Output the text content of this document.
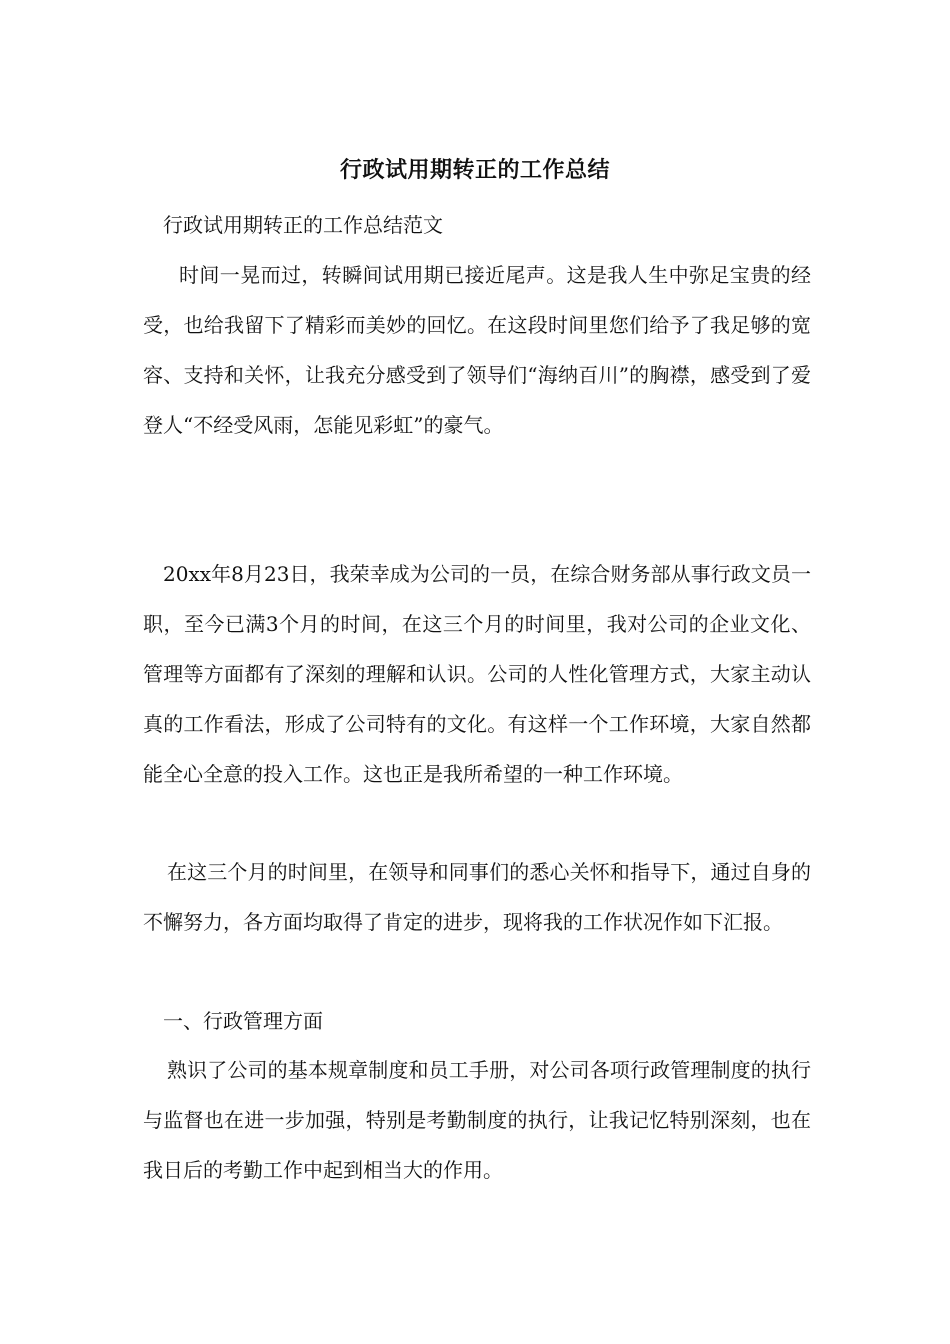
行政试用期转正的工作总结
行政试用期转正的工作总结范文

时间一晃而过，转瞬间试用期已接近尾声。这是我人生中弥足宝贵的经受，也给我留下了精彩而美妙的回忆。在这段时间里您们给予了我足够的宽容、支持和关怀，让我充分感受到了领导们“海纳百川”的胸襟，感受到了爱登人“不经受风雨，怎能见彩虹”的豪气。

20xx年8月23日，我荣幸成为公司的一员，在综合财务部从事行政文员一职，至今已满3个月的时间，在这三个月的时间里，我对公司的企业文化、管理等方面都有了深刻的理解和认识。公司的人性化管理方式，大家主动认真的工作看法，形成了公司特有的文化。有这样一个工作环境，大家自然都能全心全意的投入工作。这也正是我所希望的一种工作环境。

在这三个月的时间里，在领导和同事们的悉心关怀和指导下，通过自身的不懈努力，各方面均取得了肯定的进步，现将我的工作状况作如下汇报。

一、行政管理方面

熟识了公司的基本规章制度和员工手册，对公司各项行政管理制度的执行与监督也在进一步加强，特别是考勤制度的执行，让我记忆特别深刻，也在我日后的考勤工作中起到相当大的作用。
